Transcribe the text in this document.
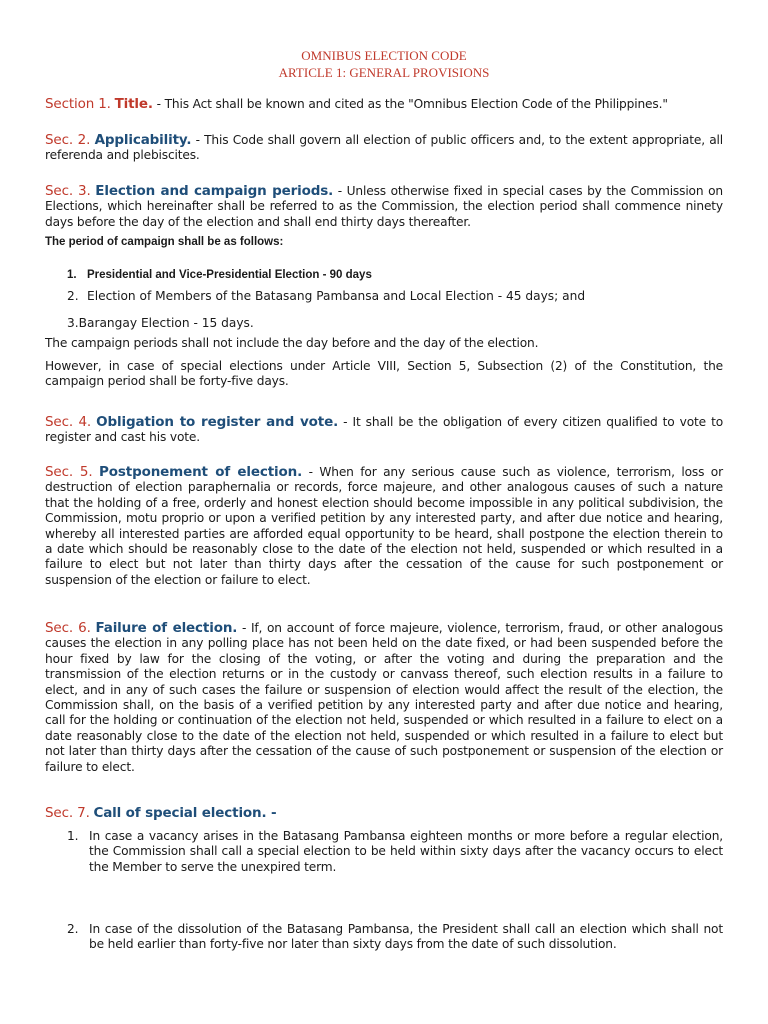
OMNIBUS ELECTION CODE
ARTICLE 1: GENERAL PROVISIONS
Section 1. Title. - This Act shall be known and cited as the "Omnibus Election Code of the Philippines."
Sec. 2. Applicability. - This Code shall govern all election of public officers and, to the extent appropriate, all referenda and plebiscites.
Sec. 3. Election and campaign periods. - Unless otherwise fixed in special cases by the Commission on Elections, which hereinafter shall be referred to as the Commission, the election period shall commence ninety days before the day of the election and shall end thirty days thereafter.
The period of campaign shall be as follows:
1. Presidential and Vice-Presidential Election - 90 days
2. Election of Members of the Batasang Pambansa and Local Election - 45 days; and
3.Barangay Election - 15 days.
The campaign periods shall not include the day before and the day of the election.
However, in case of special elections under Article VIII, Section 5, Subsection (2) of the Constitution, the campaign period shall be forty-five days.
Sec. 4. Obligation to register and vote. - It shall be the obligation of every citizen qualified to vote to register and cast his vote.
Sec. 5. Postponement of election. - When for any serious cause such as violence, terrorism, loss or destruction of election paraphernalia or records, force majeure, and other analogous causes of such a nature that the holding of a free, orderly and honest election should become impossible in any political subdivision, the Commission, motu proprio or upon a verified petition by any interested party, and after due notice and hearing, whereby all interested parties are afforded equal opportunity to be heard, shall postpone the election therein to a date which should be reasonably close to the date of the election not held, suspended or which resulted in a failure to elect but not later than thirty days after the cessation of the cause for such postponement or suspension of the election or failure to elect.
Sec. 6. Failure of election. - If, on account of force majeure, violence, terrorism, fraud, or other analogous causes the election in any polling place has not been held on the date fixed, or had been suspended before the hour fixed by law for the closing of the voting, or after the voting and during the preparation and the transmission of the election returns or in the custody or canvass thereof, such election results in a failure to elect, and in any of such cases the failure or suspension of election would affect the result of the election, the Commission shall, on the basis of a verified petition by any interested party and after due notice and hearing, call for the holding or continuation of the election not held, suspended or which resulted in a failure to elect on a date reasonably close to the date of the election not held, suspended or which resulted in a failure to elect but not later than thirty days after the cessation of the cause of such postponement or suspension of the election or failure to elect.
Sec. 7. Call of special election. -
1. In case a vacancy arises in the Batasang Pambansa eighteen months or more before a regular election, the Commission shall call a special election to be held within sixty days after the vacancy occurs to elect the Member to serve the unexpired term.
2. In case of the dissolution of the Batasang Pambansa, the President shall call an election which shall not be held earlier than forty-five nor later than sixty days from the date of such dissolution.
